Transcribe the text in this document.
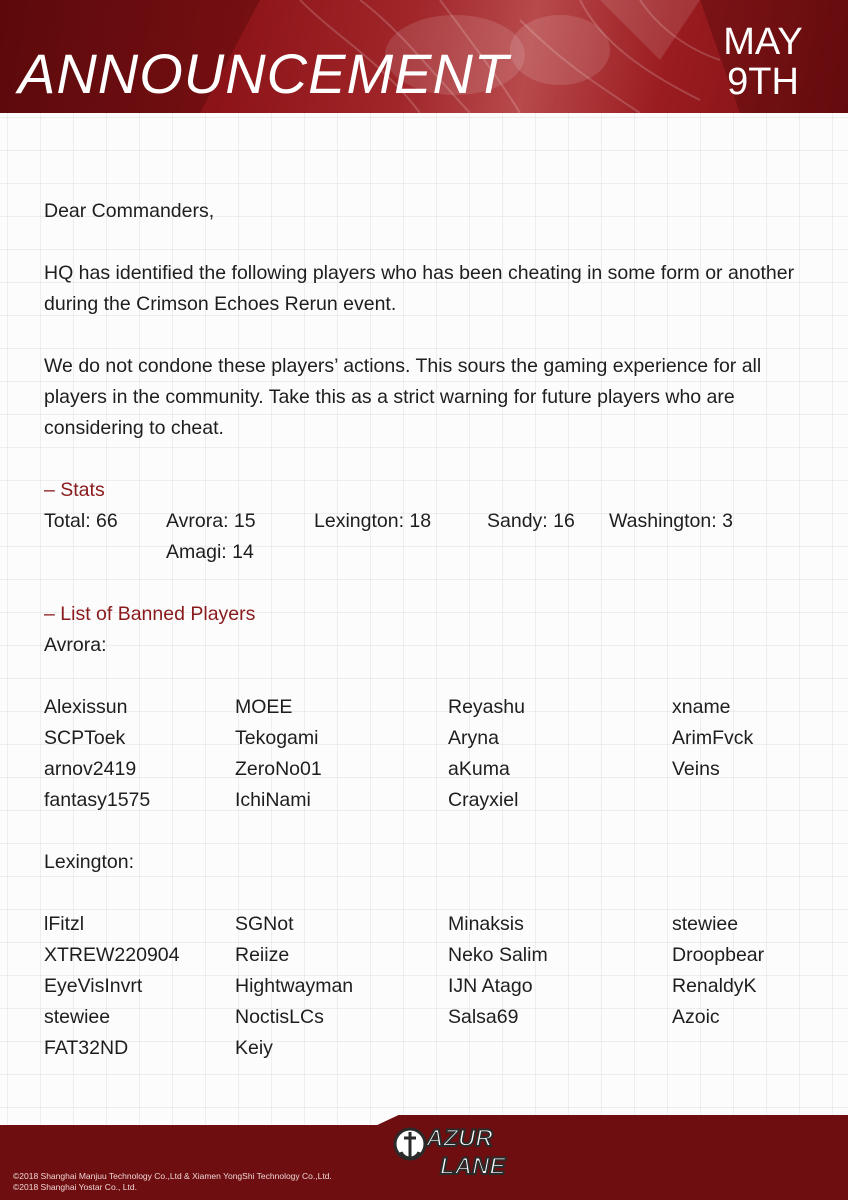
ANNOUNCEMENT	MAY
9TH
Dear Commanders,
HQ has identified the following players who has been cheating in some form or another during the Crimson Echoes Rerun event.
We do not condone these players’ actions. This sours the gaming experience for all players in the community. Take this as a strict warning for future players who are considering to cheat.
– Stats
Total: 66	Avrora: 15	Lexington: 18	Sandy: 16	Washington: 3
Amagi: 14
– List of Banned Players
Avrora:
Alexissun	MOEE	Reyashu	xname
SCPToek	Tekogami	Aryna	ArimFvck
arnov2419	ZeroNo01	aKuma	Veins
fantasy1575	IchiNami	Crayxiel
Lexington:
lFitzl	SGNot	Minaksis	stewiee
XTREW220904	Reiize	Neko Salim	Droopbear
EyeVisInvrt	Hightwayman	IJN Atago	RenaldyK
stewiee	NoctisLCs	Salsa69	Azoic
FAT32ND	Keiy
©2018 Shanghai Manjuu Technology Co.,Ltd & Xiamen YongShi Technology Co.,Ltd.
©2018 Shanghai Yostar Co., Ltd.
AZUR
LANE
